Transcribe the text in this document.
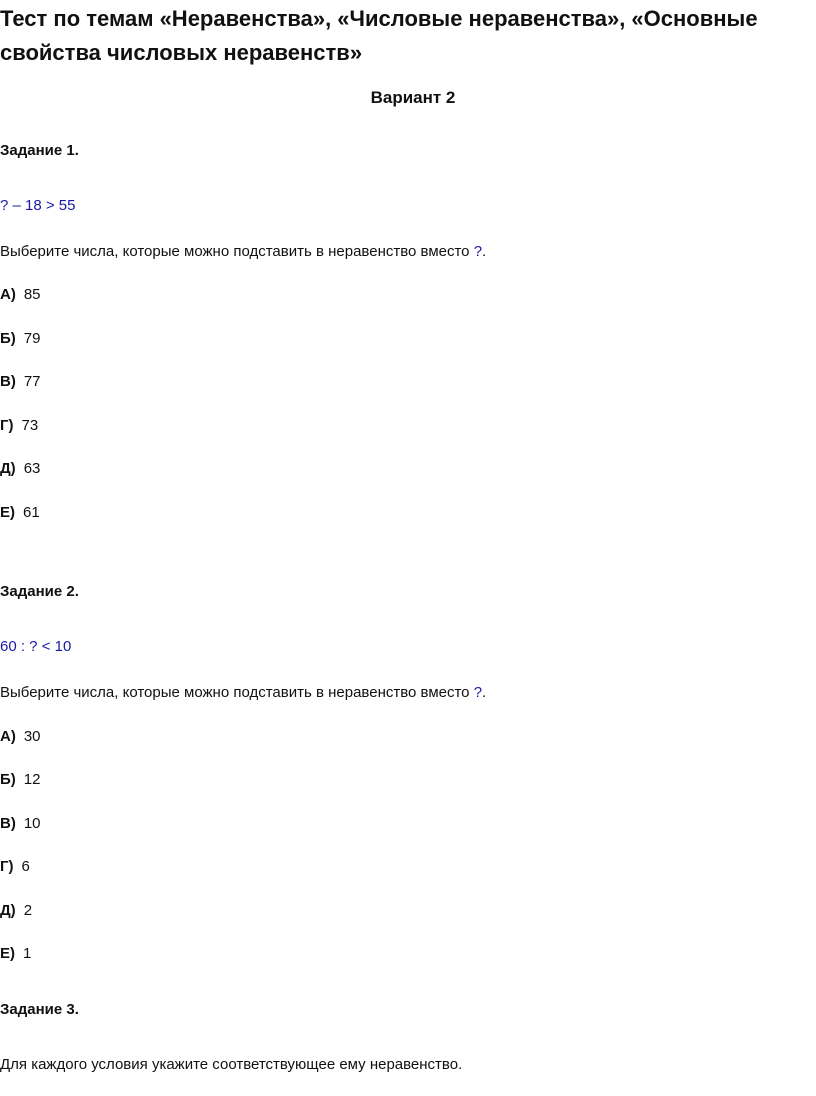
Тест по темам «Неравенства», «Числовые неравенства», «Основные свойства числовых неравенств»
Вариант 2
Задание 1.
? – 18 > 55
Выберите числа, которые можно подставить в неравенство вместо ?.
А) 85
Б) 79
В) 77
Г) 73
Д) 63
Е) 61
Задание 2.
60 : ? < 10
Выберите числа, которые можно подставить в неравенство вместо ?.
А) 30
Б) 12
В) 10
Г) 6
Д) 2
Е) 1
Задание 3.
Для каждого условия укажите соответствующее ему неравенство.
